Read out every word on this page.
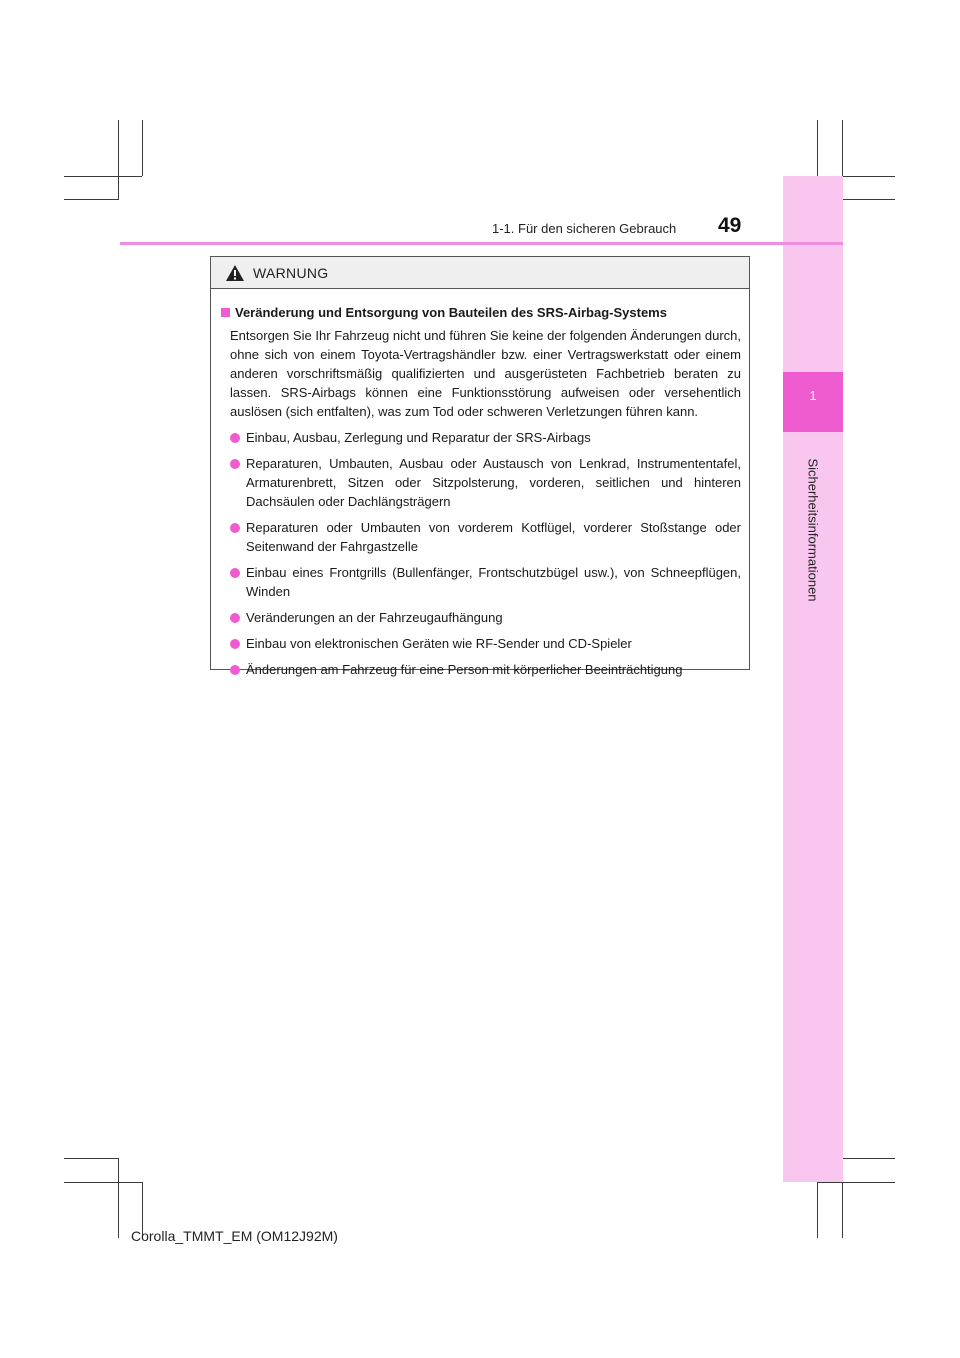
1
Sicherheitsinformationen
1-1. Für den sicheren Gebrauch 49
WARNUNG
Veränderung und Entsorgung von Bauteilen des SRS-Airbag-Systems

Entsorgen Sie Ihr Fahrzeug nicht und führen Sie keine der folgenden Änderungen durch, ohne sich von einem Toyota-Vertragshändler bzw. einer Vertragswerkstatt oder einem anderen vorschriftsmäßig qualifizierten und ausgerüsteten Fachbetrieb beraten zu lassen. SRS-Airbags können eine Funktionsstörung aufweisen oder versehentlich auslösen (sich entfalten), was zum Tod oder schweren Verletzungen führen kann.

Einbau, Ausbau, Zerlegung und Reparatur der SRS-Airbags
Reparaturen, Umbauten, Ausbau oder Austausch von Lenkrad, Instrumententafel, Armaturenbrett, Sitzen oder Sitzpolsterung, vorderen, seitlichen und hinteren Dachsäulen oder Dachlängsträgern
Reparaturen oder Umbauten von vorderem Kotflügel, vorderer Stoßstange oder Seitenwand der Fahrgastzelle
Einbau eines Frontgrills (Bullenfänger, Frontschutzbügel usw.), von Schneepflügen, Winden
Veränderungen an der Fahrzeugaufhängung
Einbau von elektronischen Geräten wie RF-Sender und CD-Spieler
Änderungen am Fahrzeug für eine Person mit körperlicher Beeinträchtigung
Corolla_TMMT_EM (OM12J92M)
